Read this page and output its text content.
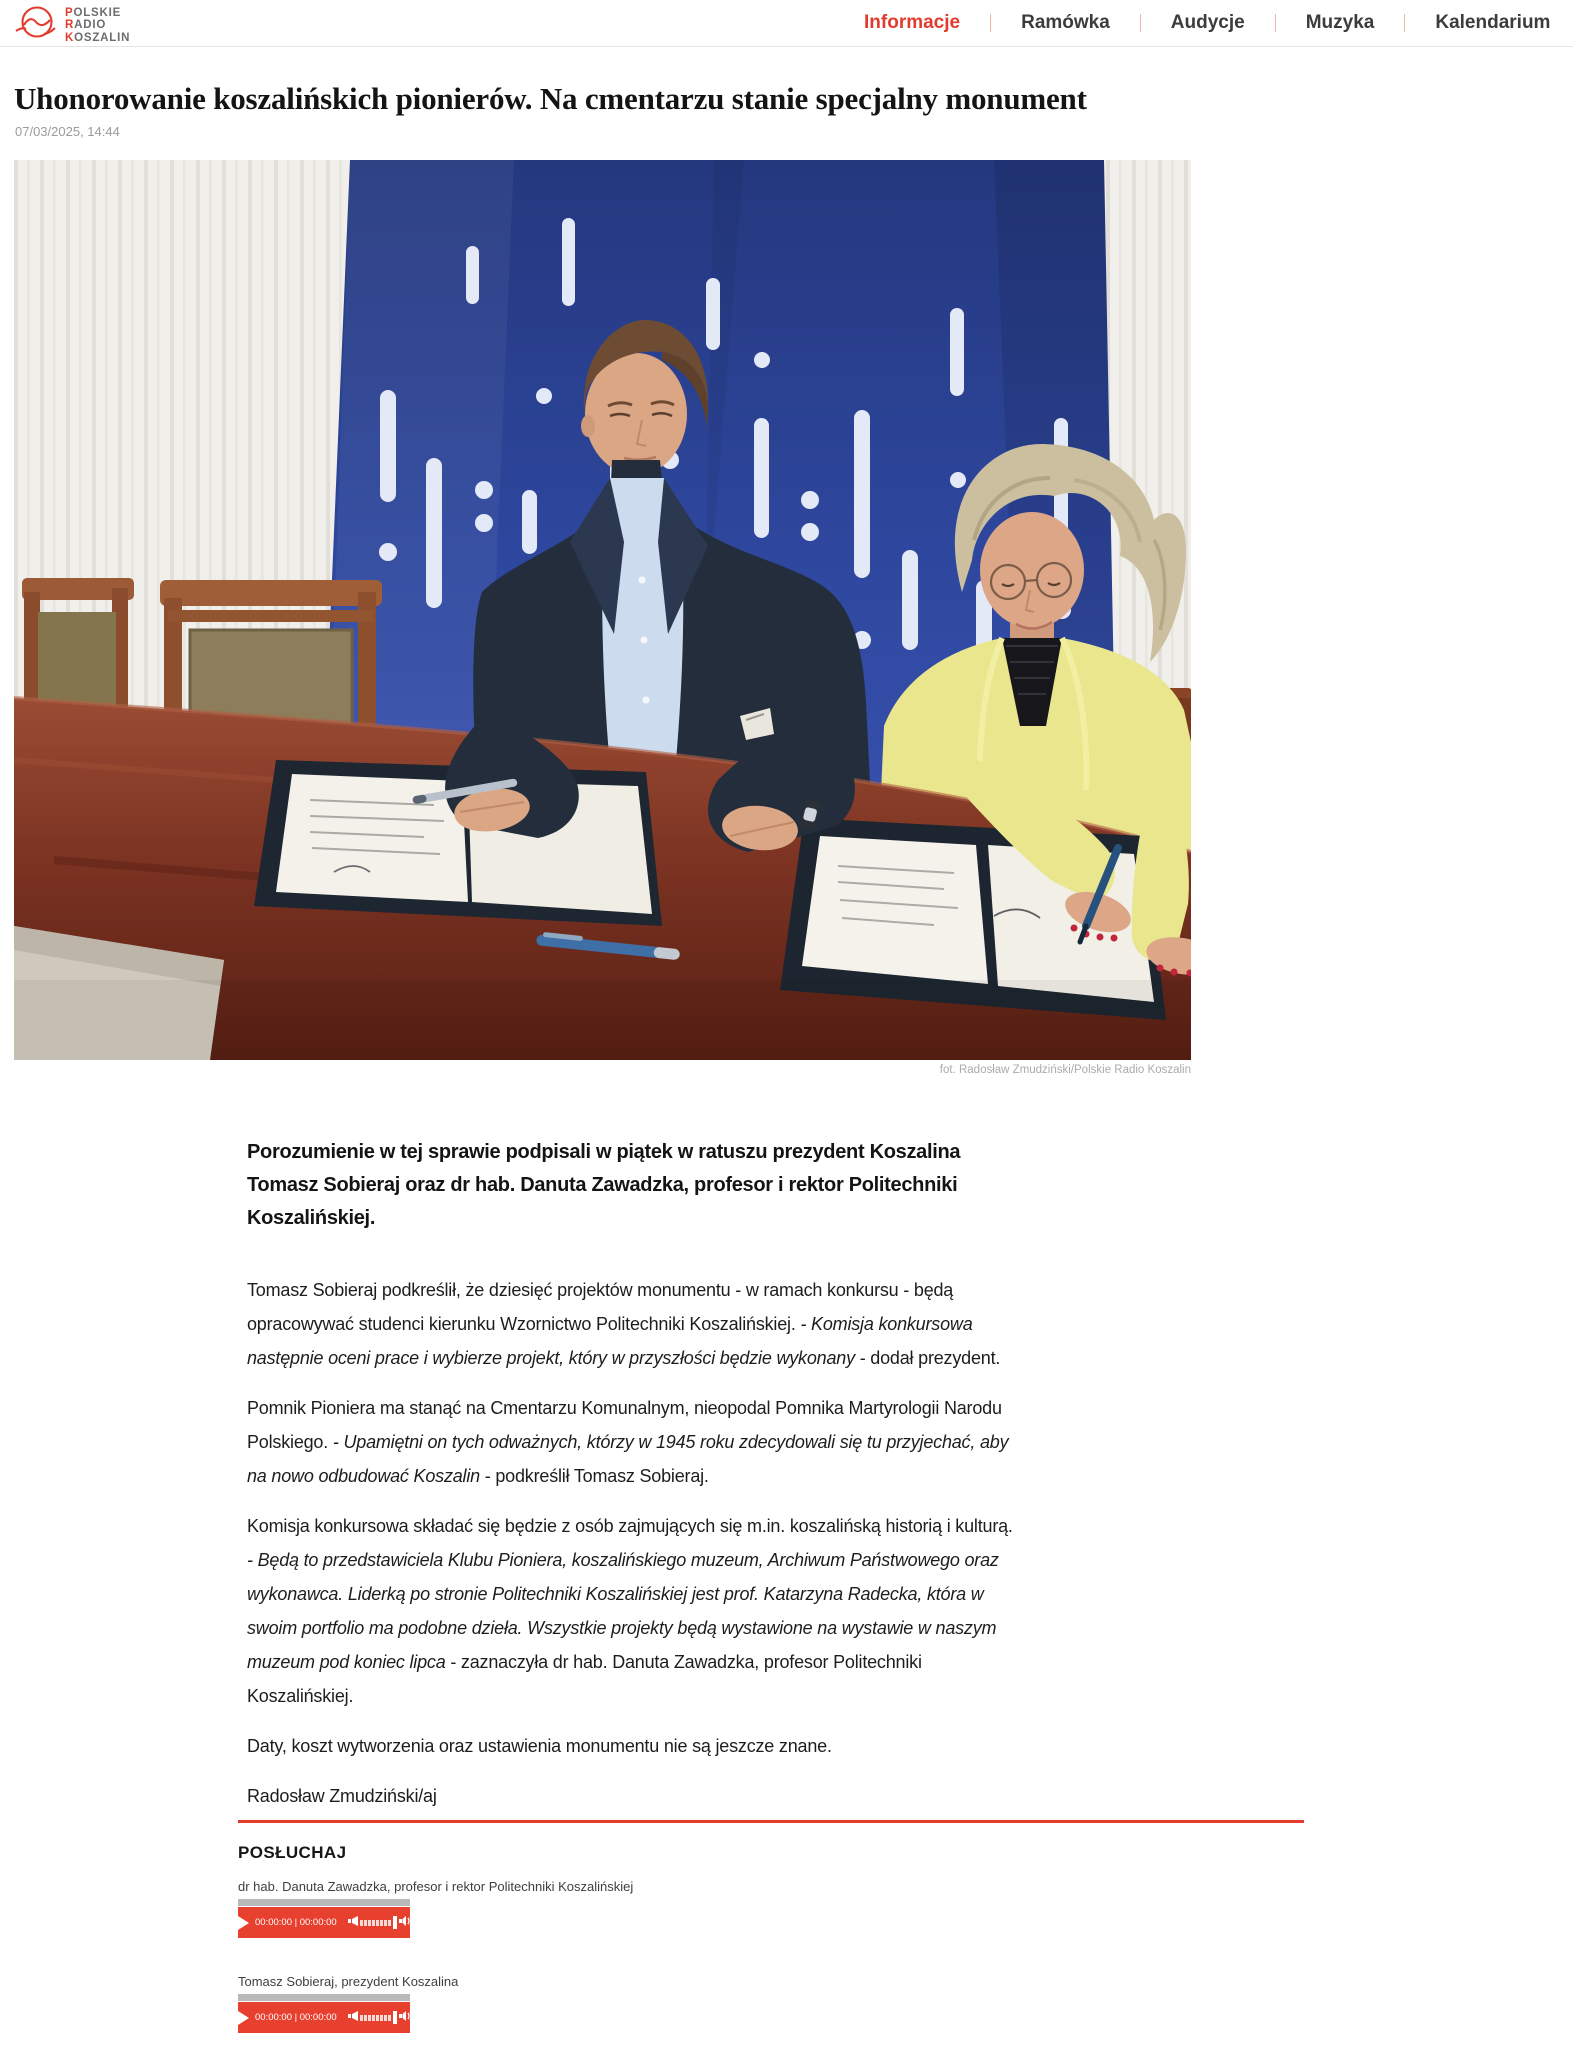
POLSKIE
RADIO
KOSZALIN
Informacje	Ramówka	Audycje	Muzyka	Kalendarium
Uhonorowanie koszalińskich pionierów. Na cmentarzu stanie specjalny monument
07/03/2025, 14:44
fot. Radosław Zmudziński/Polskie Radio Koszalin

Porozumienie w tej sprawie podpisali w piątek w ratuszu prezydent Koszalina Tomasz Sobieraj oraz dr hab. Danuta Zawadzka, profesor i rektor Politechniki Koszalińskiej.

Tomasz Sobieraj podkreślił, że dziesięć projektów monumentu - w ramach konkursu - będą opracowywać studenci kierunku Wzornictwo Politechniki Koszalińskiej. - Komisja konkursowa następnie oceni prace i wybierze projekt, który w przyszłości będzie wykonany - dodał prezydent.

Pomnik Pioniera ma stanąć na Cmentarzu Komunalnym, nieopodal Pomnika Martyrologii Narodu Polskiego. - Upamiętni on tych odważnych, którzy w 1945 roku zdecydowali się tu przyjechać, aby na nowo odbudować Koszalin - podkreślił Tomasz Sobieraj.

Komisja konkursowa składać się będzie z osób zajmujących się m.in. koszalińską historią i kulturą. - Będą to przedstawiciela Klubu Pioniera, koszalińskiego muzeum, Archiwum Państwowego oraz wykonawca. Liderką po stronie Politechniki Koszalińskiej jest prof. Katarzyna Radecka, która w swoim portfolio ma podobne dzieła. Wszystkie projekty będą wystawione na wystawie w naszym muzeum pod koniec lipca - zaznaczyła dr hab. Danuta Zawadzka, profesor Politechniki Koszalińskiej.

Daty, koszt wytworzenia oraz ustawienia monumentu nie są jeszcze znane.

Radosław Zmudziński/aj

POSŁUCHAJ
dr hab. Danuta Zawadzka, profesor i rektor Politechniki Koszalińskiej
00:00:00 | 00:00:00
Tomasz Sobieraj, prezydent Koszalina
00:00:00 | 00:00:00
